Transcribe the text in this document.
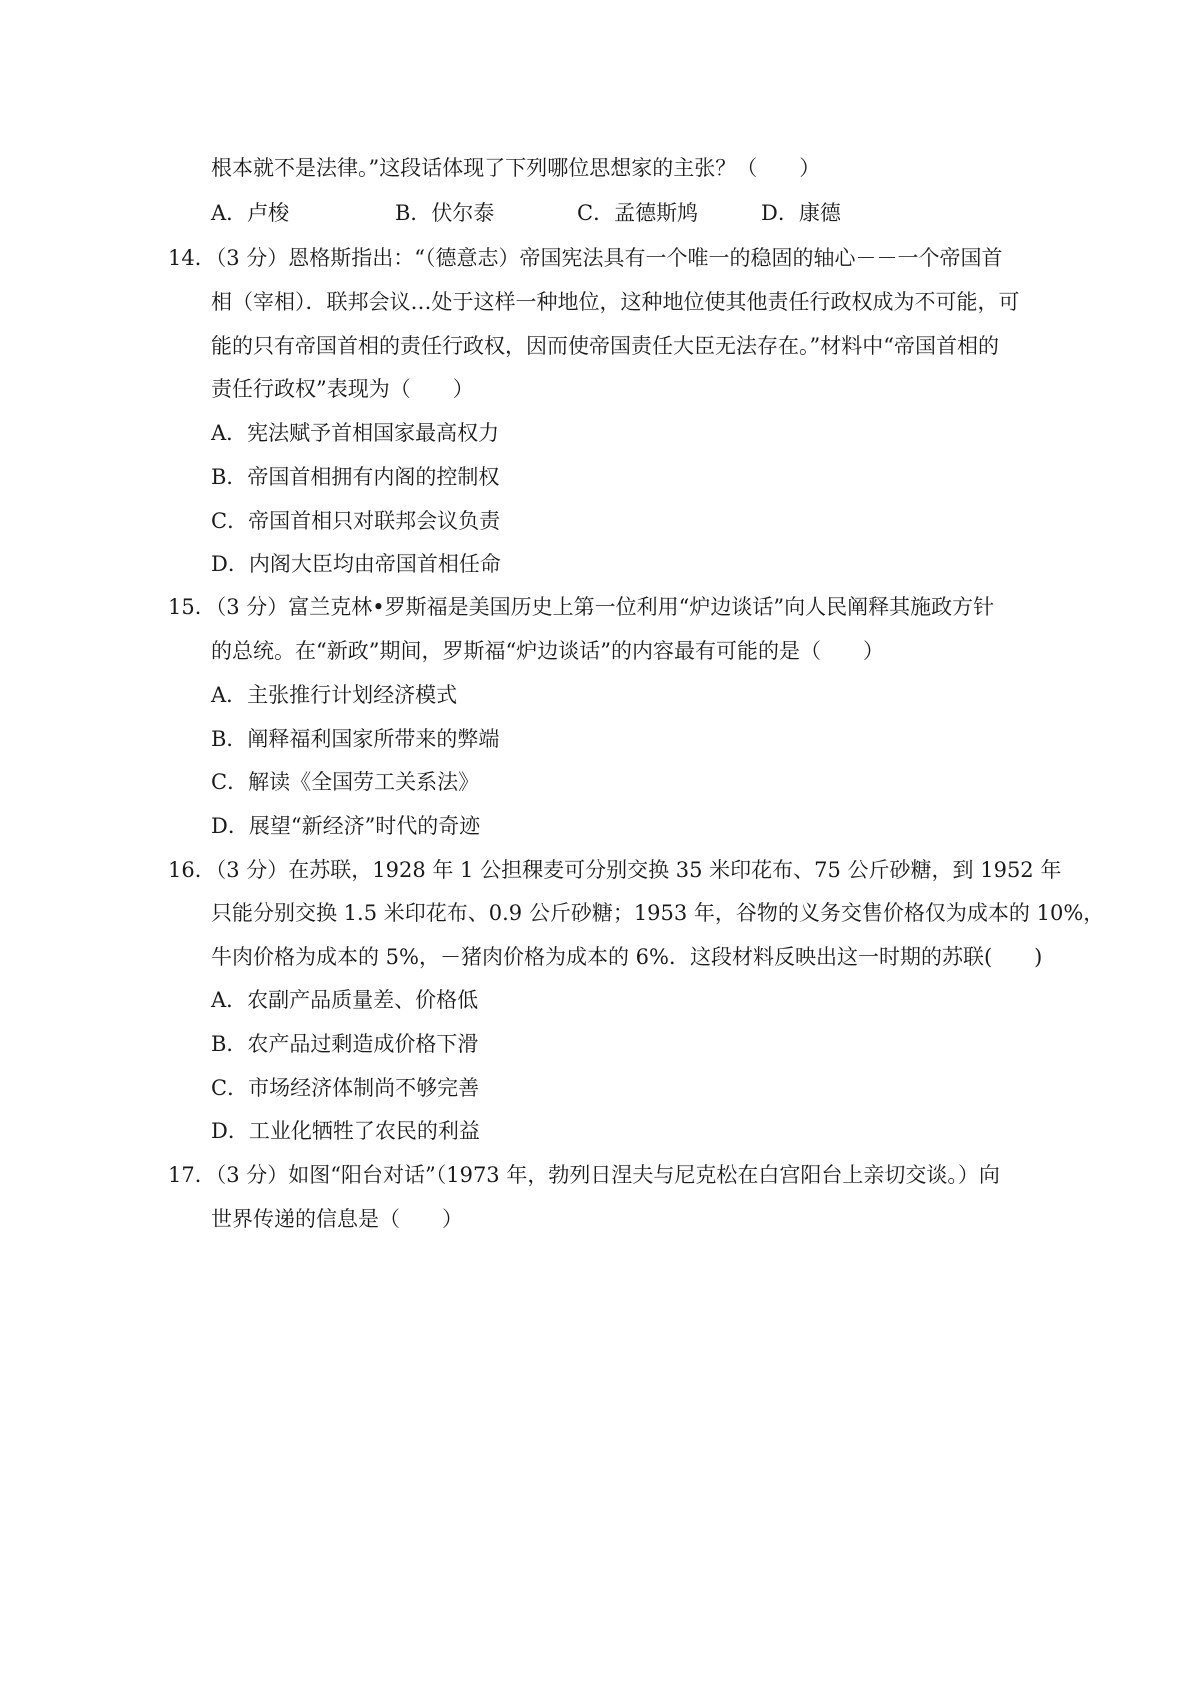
根本就不是法律。”这段话体现了下列哪位思想家的主张？（　　）
A．卢梭	B．伏尔泰	C．孟德斯鸠	D．康德
14．（3 分）恩格斯指出：“（德意志）帝国宪法具有一个唯一的稳固的轴心－－一个帝国首
相（宰相）．联邦会议…处于这样一种地位，这种地位使其他责任行政权成为不可能，可
能的只有帝国首相的责任行政权，因而使帝国责任大臣无法存在。”材料中“帝国首相的
责任行政权”表现为（　　）
A．宪法赋予首相国家最高权力
B．帝国首相拥有内阁的控制权
C．帝国首相只对联邦会议负责
D．内阁大臣均由帝国首相任命
15．（3 分）富兰克林•罗斯福是美国历史上第一位利用“炉边谈话”向人民阐释其施政方针
的总统。在“新政”期间，罗斯福“炉边谈话”的内容最有可能的是（　　）
A．主张推行计划经济模式
B．阐释福利国家所带来的弊端
C．解读《全国劳工关系法》
D．展望“新经济”时代的奇迹
16．（3 分）在苏联，1928 年 1 公担稞麦可分别交换 35 米印花布、75 公斤砂糖，到 1952 年
只能分别交换 1.5 米印花布、0.9 公斤砂糖；1953 年，谷物的义务交售价格仅为成本的 10%，
牛肉价格为成本的 5%，－猪肉价格为成本的 6%．这段材料反映出这一时期的苏联(　　)
A．农副产品质量差、价格低
B．农产品过剩造成价格下滑
C．市场经济体制尚不够完善
D．工业化牺牲了农民的利益
17．（3 分）如图“阳台对话”（1973 年，勃列日涅夫与尼克松在白宫阳台上亲切交谈。）向
世界传递的信息是（　　）
